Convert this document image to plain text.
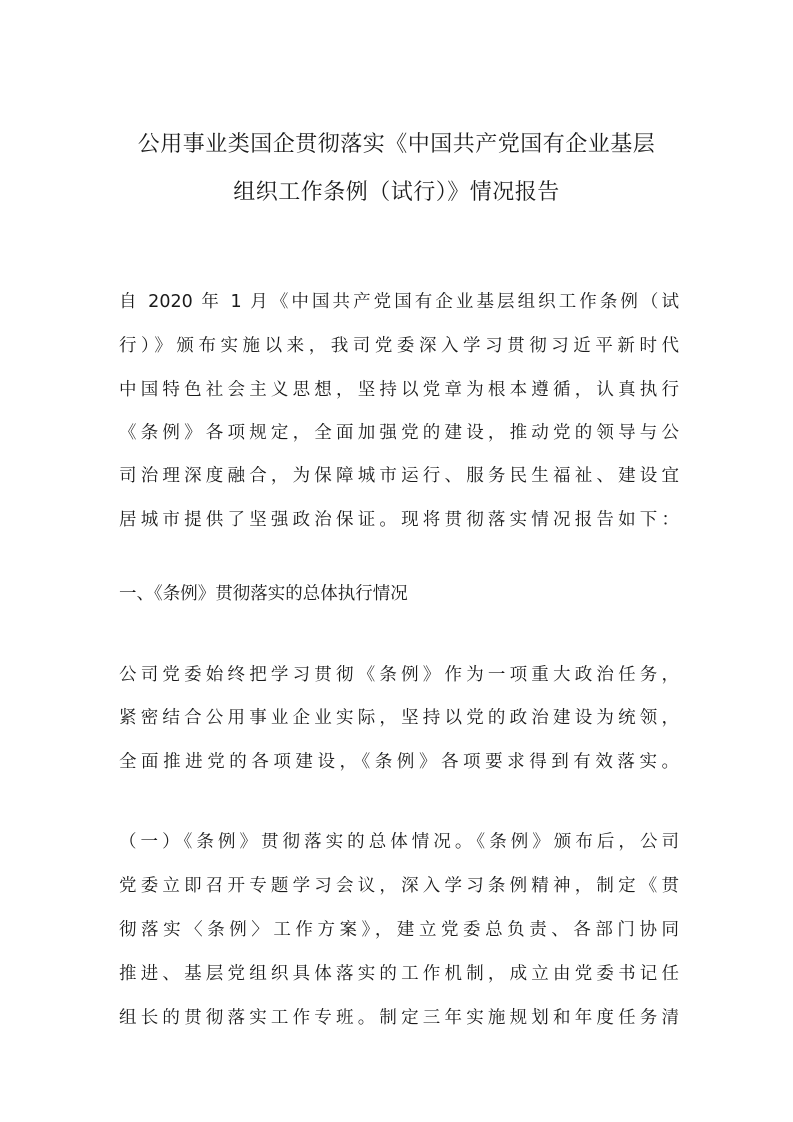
公用事业类国企贯彻落实《中国共产党国有企业基层
组织工作条例（试行）》情况报告

自 2020 年 1 月《中国共产党国有企业基层组织工作条例（试

行）》颁布实施以来，我司党委深入学习贯彻习近平新时代

中国特色社会主义思想，坚持以党章为根本遵循，认真执行

《条例》各项规定，全面加强党的建设，推动党的领导与公

司治理深度融合，为保障城市运行、服务民生福祉、建设宜

居城市提供了坚强政治保证。现将贯彻落实情况报告如下：

一、《条例》贯彻落实的总体执行情况

公司党委始终把学习贯彻《条例》作为一项重大政治任务，

紧密结合公用事业企业实际，坚持以党的政治建设为统领，

全面推进党的各项建设，《条例》各项要求得到有效落实。

（一）《条例》贯彻落实的总体情况。《条例》颁布后，公司

党委立即召开专题学习会议，深入学习条例精神，制定《贯

彻落实〈条例〉工作方案》，建立党委总负责、各部门协同

推进、基层党组织具体落实的工作机制，成立由党委书记任

组长的贯彻落实工作专班。制定三年实施规划和年度任务清
